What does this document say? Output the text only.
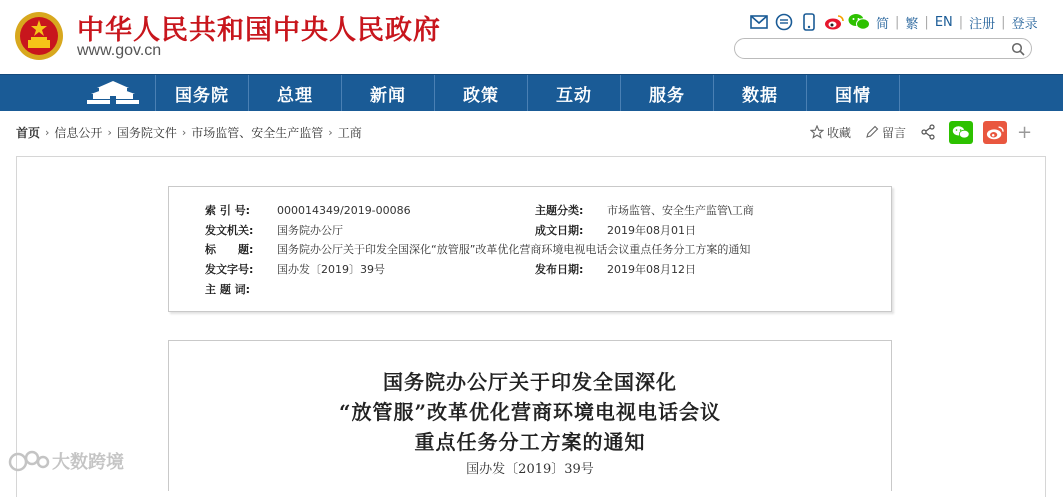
中华人民共和国中央人民政府
www.gov.cn
简 | 繁 | EN | 注册 | 登录
国务院	总理	新闻	政策	互动	服务	数据	国情
首页 › 信息公开 › 国务院文件 › 市场监管、安全生产监管 › 工商	收藏	留言	+
索 引 号: 000014349/2019-00086	主题分类: 市场监管、安全生产监管\工商
发文机关: 国务院办公厅	成文日期: 2019年08月01日
标　　题: 国务院办公厅关于印发全国深化“放管服”改革优化营商环境电视电话会议重点任务分工方案的通知
发文字号: 国办发〔2019〕39号	发布日期: 2019年08月12日
主 题 词:
国务院办公厅关于印发全国深化
“放管服”改革优化营商环境电视电话会议
重点任务分工方案的通知
国办发〔2019〕39号
大数跨境
